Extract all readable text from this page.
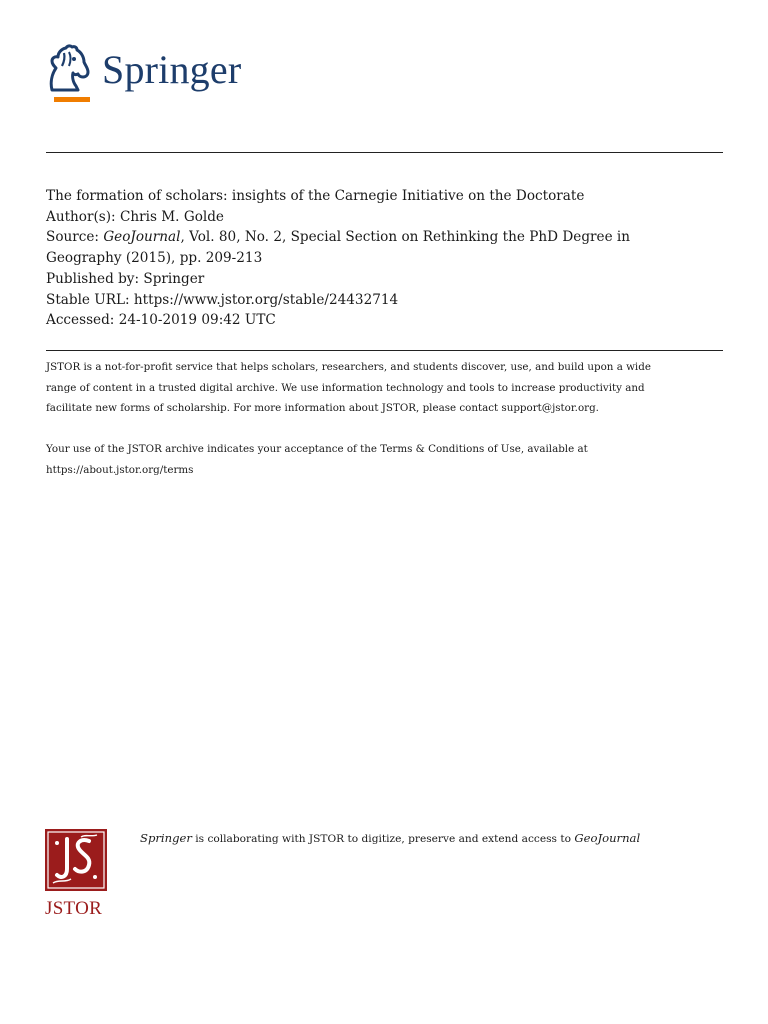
Springer
The formation of scholars: insights of the Carnegie Initiative on the Doctorate
Author(s): Chris M. Golde
Source: GeoJournal, Vol. 80, No. 2, Special Section on Rethinking the PhD Degree in
Geography (2015), pp. 209-213
Published by: Springer
Stable URL: https://www.jstor.org/stable/24432714
Accessed: 24-10-2019 09:42 UTC
JSTOR is a not-for-profit service that helps scholars, researchers, and students discover, use, and build upon a wide
range of content in a trusted digital archive. We use information technology and tools to increase productivity and
facilitate new forms of scholarship. For more information about JSTOR, please contact support@jstor.org.
Your use of the JSTOR archive indicates your acceptance of the Terms & Conditions of Use, available at
https://about.jstor.org/terms
JSTOR
Springer is collaborating with JSTOR to digitize, preserve and extend access to GeoJournal
